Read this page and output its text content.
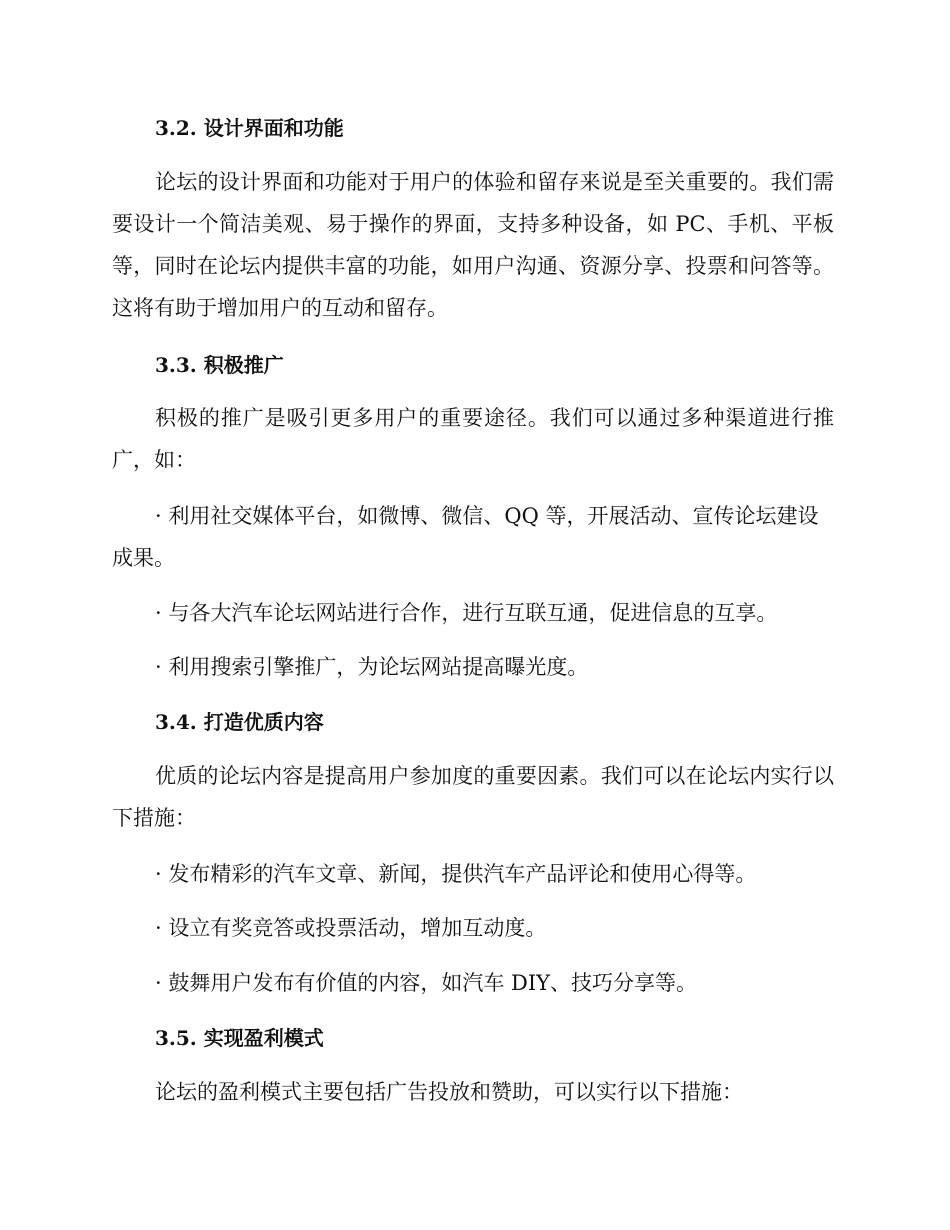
3.2. 设计界面和功能
论坛的设计界面和功能对于用户的体验和留存来说是至关重要的。我们需要设计一个简洁美观、易于操作的界面，支持多种设备，如 PC、手机、平板等，同时在论坛内提供丰富的功能，如用户沟通、资源分享、投票和问答等。这将有助于增加用户的互动和留存。
3.3. 积极推广
积极的推广是吸引更多用户的重要途径。我们可以通过多种渠道进行推广，如：
· 利用社交媒体平台，如微博、微信、QQ 等，开展活动、宣传论坛建设成果。
· 与各大汽车论坛网站进行合作，进行互联互通，促进信息的互享。
· 利用搜索引擎推广，为论坛网站提高曝光度。
3.4. 打造优质内容
优质的论坛内容是提高用户参加度的重要因素。我们可以在论坛内实行以下措施：
· 发布精彩的汽车文章、新闻，提供汽车产品评论和使用心得等。
· 设立有奖竞答或投票活动，增加互动度。
· 鼓舞用户发布有价值的内容，如汽车 DIY、技巧分享等。
3.5. 实现盈利模式
论坛的盈利模式主要包括广告投放和赞助，可以实行以下措施：
